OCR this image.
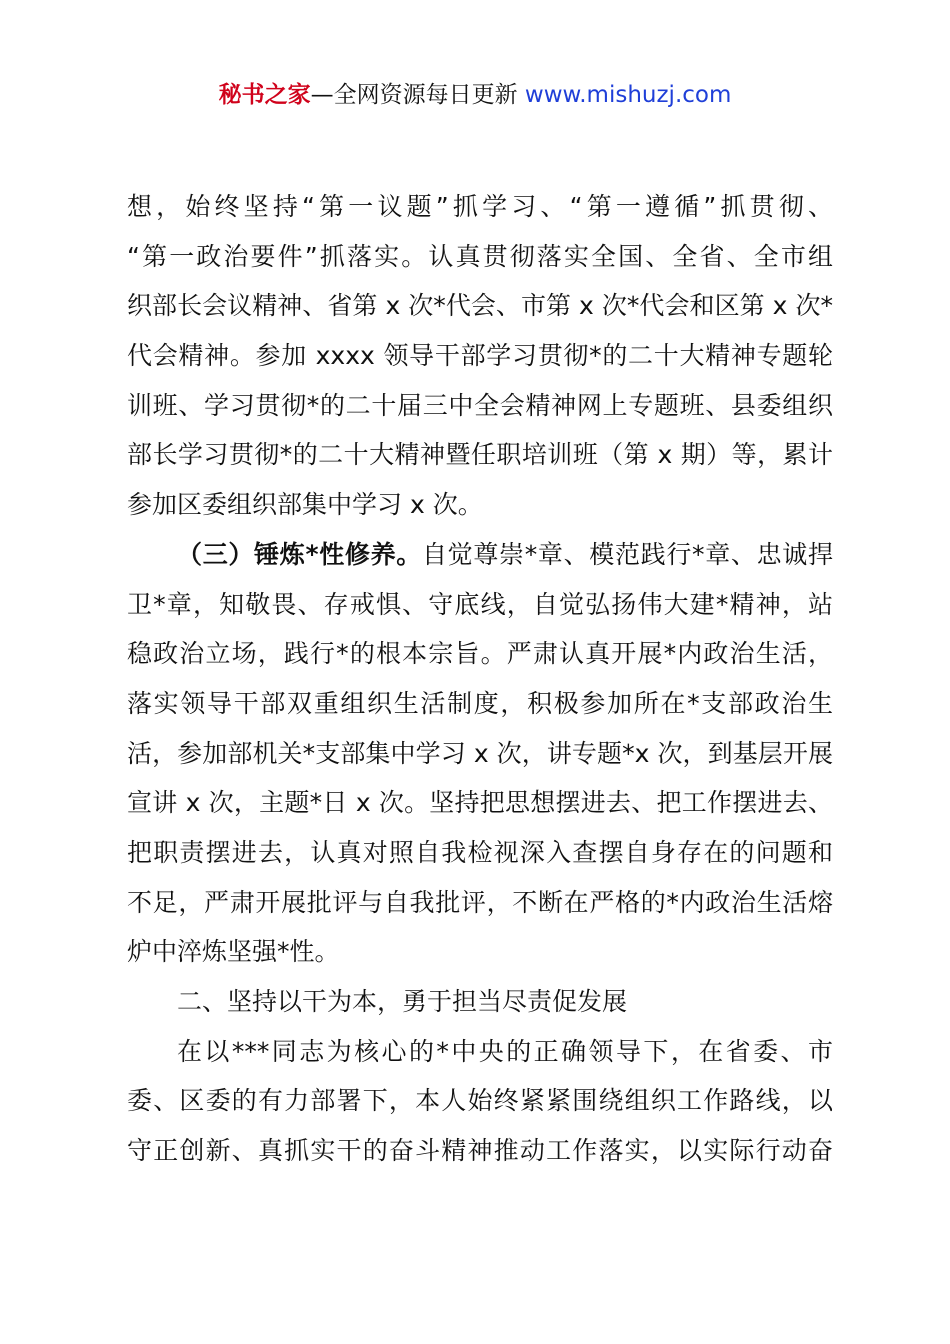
秘书之家—全网资源每日更新 www.mishuzj.com
想，始终坚持“第一议题”抓学习、“第一遵循”抓贯彻、
“第一政治要件”抓落实。认真贯彻落实全国、全省、全市组
织部长会议精神、省第 x 次*代会、市第 x 次*代会和区第 x 次*
代会精神。参加 xxxx 领导干部学习贯彻*的二十大精神专题轮
训班、学习贯彻*的二十届三中全会精神网上专题班、县委组织
部长学习贯彻*的二十大精神暨任职培训班（第 x 期）等，累计
参加区委组织部集中学习 x 次。
（三）锤炼*性修养。自觉尊崇*章、模范践行*章、忠诚捍
卫*章，知敬畏、存戒惧、守底线，自觉弘扬伟大建*精神，站
稳政治立场，践行*的根本宗旨。严肃认真开展*内政治生活，
落实领导干部双重组织生活制度，积极参加所在*支部政治生
活，参加部机关*支部集中学习 x 次，讲专题*x 次，到基层开展
宣讲 x 次，主题*日 x 次。坚持把思想摆进去、把工作摆进去、
把职责摆进去，认真对照自我检视深入查摆自身存在的问题和
不足，严肃开展批评与自我批评，不断在严格的*内政治生活熔
炉中淬炼坚强*性。
二、坚持以干为本，勇于担当尽责促发展
在以***同志为核心的*中央的正确领导下，在省委、市
委、区委的有力部署下，本人始终紧紧围绕组织工作路线，以
守正创新、真抓实干的奋斗精神推动工作落实，以实际行动奋
